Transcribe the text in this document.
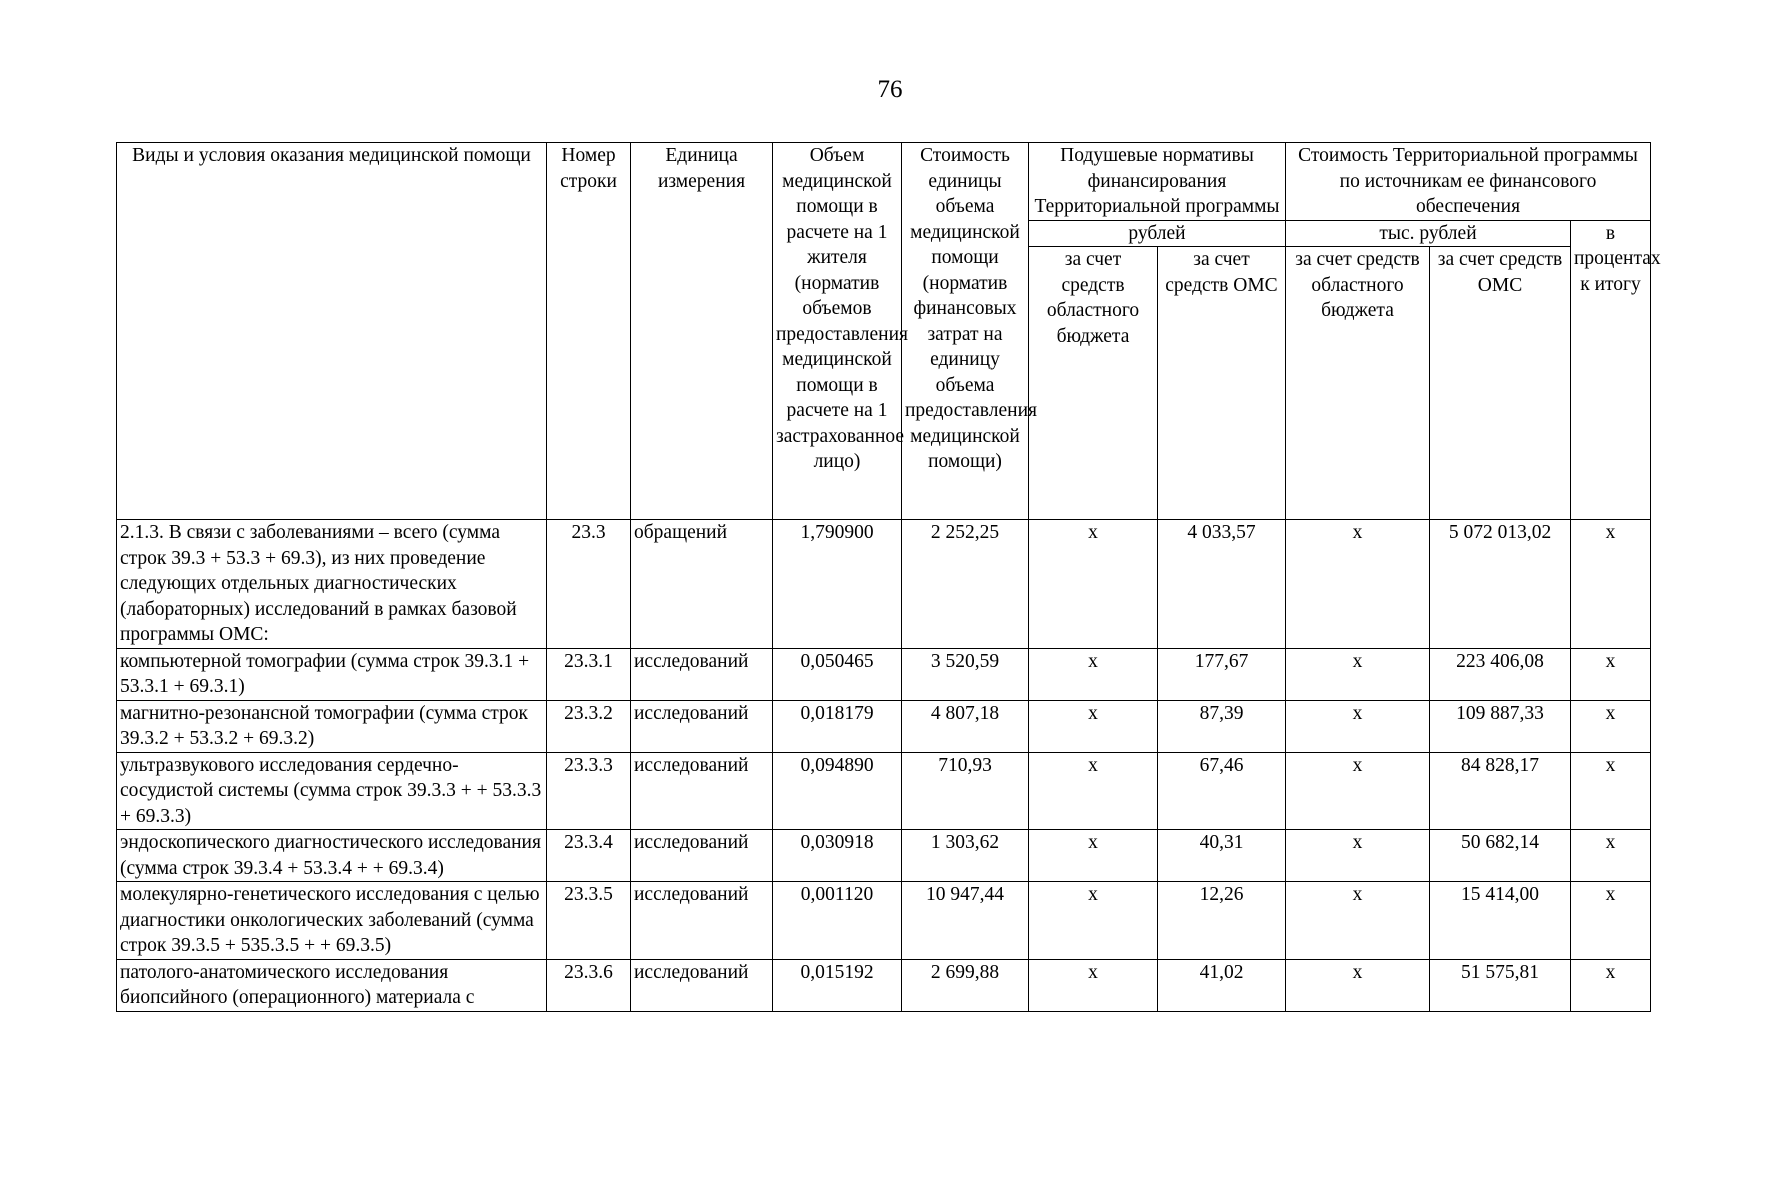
76
Виды и условия оказания медицинской помощи	Номер строки	Единица измерения	Объем медицинской помощи в расчете на 1 жителя (норматив объемов предоставления медицинской помощи в расчете на 1 застрахованное лицо)	Стоимость единицы объема медицинской помощи (норматив финансовых затрат на единицу объема предоставления медицинской помощи)	Подушевые нормативы финансирования Территориальной программы		Стоимость Территориальной программы по источникам ее финансового обеспечения		
					рублей		тыс. рублей		в процентах к итогу
					за счет средств областного бюджета	за счет средств ОМС	за счет средств областного бюджета	за счет средств ОМС	
2.1.3. В связи с заболеваниями – всего (сумма строк 39.3 + 53.3 + 69.3), из них проведение следующих отдельных диагностических (лабораторных) исследований в рамках базовой программы ОМС:	23.3	обращений	1,790900	2 252,25	х	4 033,57	х	5 072 013,02	х
компьютерной томографии (сумма строк 39.3.1 + 53.3.1 + 69.3.1)	23.3.1	исследований	0,050465	3 520,59	х	177,67	х	223 406,08	х
магнитно-резонансной томографии (сумма строк 39.3.2 + 53.3.2 + 69.3.2)	23.3.2	исследований	0,018179	4 807,18	х	87,39	х	109 887,33	х
ультразвукового исследования сердечно-сосудистой системы (сумма строк 39.3.3 + + 53.3.3 + 69.3.3)	23.3.3	исследований	0,094890	710,93	х	67,46	х	84 828,17	х
эндоскопического диагностического исследования (сумма строк 39.3.4 + 53.3.4 + + 69.3.4)	23.3.4	исследований	0,030918	1 303,62	х	40,31	х	50 682,14	х
молекулярно-генетического исследования с целью диагностики онкологических заболеваний (сумма строк 39.3.5 + 535.3.5 + + 69.3.5)	23.3.5	исследований	0,001120	10 947,44	х	12,26	х	15 414,00	х
патолого-анатомического исследования биопсийного (операционного) материала с	23.3.6	исследований	0,015192	2 699,88	х	41,02	х	51 575,81	х
